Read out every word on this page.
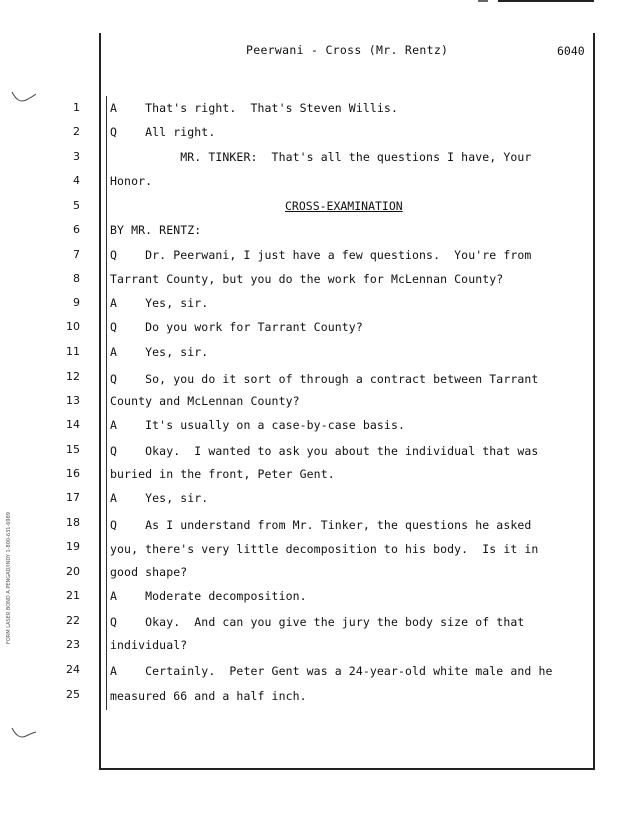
FORM LASER BOND A PENGAD/INDY 1-800-631-6989
Peerwani - Cross (Mr. Rentz)	6040
1	A    That's right.  That's Steven Willis.
2	Q    All right.
3	MR. TINKER:  That's all the questions I have, Your
4	Honor.
5	CROSS-EXAMINATION
6	BY MR. RENTZ:
7	Q    Dr. Peerwani, I just have a few questions.  You're from
8	Tarrant County, but you do the work for McLennan County?
9	A    Yes, sir.
10	Q    Do you work for Tarrant County?
11	A    Yes, sir.
12	Q    So, you do it sort of through a contract between Tarrant
13	County and McLennan County?
14	A    It's usually on a case-by-case basis.
15	Q    Okay.  I wanted to ask you about the individual that was
16	buried in the front, Peter Gent.
17	A    Yes, sir.
18	Q    As I understand from Mr. Tinker, the questions he asked
19	you, there's very little decomposition to his body.  Is it in
20	good shape?
21	A    Moderate decomposition.
22	Q    Okay.  And can you give the jury the body size of that
23	individual?
24	A    Certainly.  Peter Gent was a 24-year-old white male and he
25	measured 66 and a half inch.
